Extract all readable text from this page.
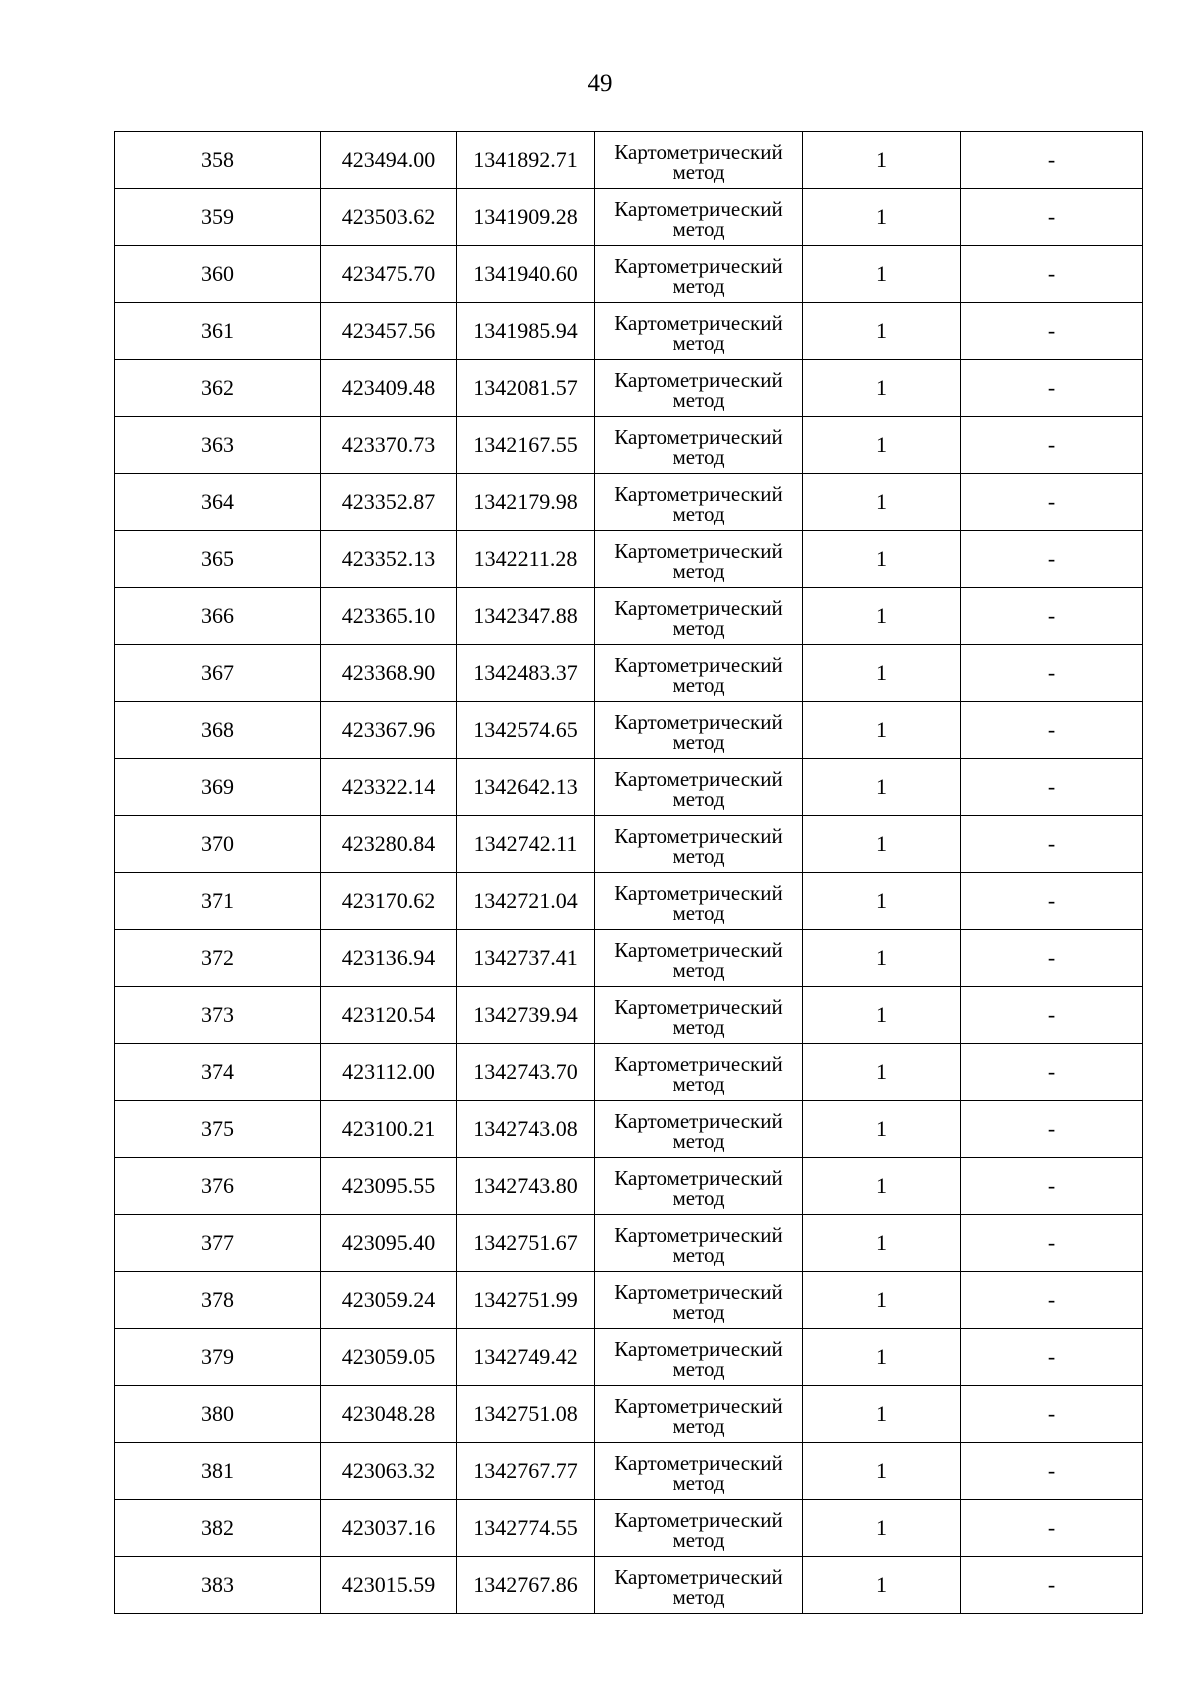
49
358	423494.00	1341892.71	Картометрический метод	1	-
359	423503.62	1341909.28	Картометрический метод	1	-
360	423475.70	1341940.60	Картометрический метод	1	-
361	423457.56	1341985.94	Картометрический метод	1	-
362	423409.48	1342081.57	Картометрический метод	1	-
363	423370.73	1342167.55	Картометрический метод	1	-
364	423352.87	1342179.98	Картометрический метод	1	-
365	423352.13	1342211.28	Картометрический метод	1	-
366	423365.10	1342347.88	Картометрический метод	1	-
367	423368.90	1342483.37	Картометрический метод	1	-
368	423367.96	1342574.65	Картометрический метод	1	-
369	423322.14	1342642.13	Картометрический метод	1	-
370	423280.84	1342742.11	Картометрический метод	1	-
371	423170.62	1342721.04	Картометрический метод	1	-
372	423136.94	1342737.41	Картометрический метод	1	-
373	423120.54	1342739.94	Картометрический метод	1	-
374	423112.00	1342743.70	Картометрический метод	1	-
375	423100.21	1342743.08	Картометрический метод	1	-
376	423095.55	1342743.80	Картометрический метод	1	-
377	423095.40	1342751.67	Картометрический метод	1	-
378	423059.24	1342751.99	Картометрический метод	1	-
379	423059.05	1342749.42	Картометрический метод	1	-
380	423048.28	1342751.08	Картометрический метод	1	-
381	423063.32	1342767.77	Картометрический метод	1	-
382	423037.16	1342774.55	Картометрический метод	1	-
383	423015.59	1342767.86	Картометрический метод	1	-
